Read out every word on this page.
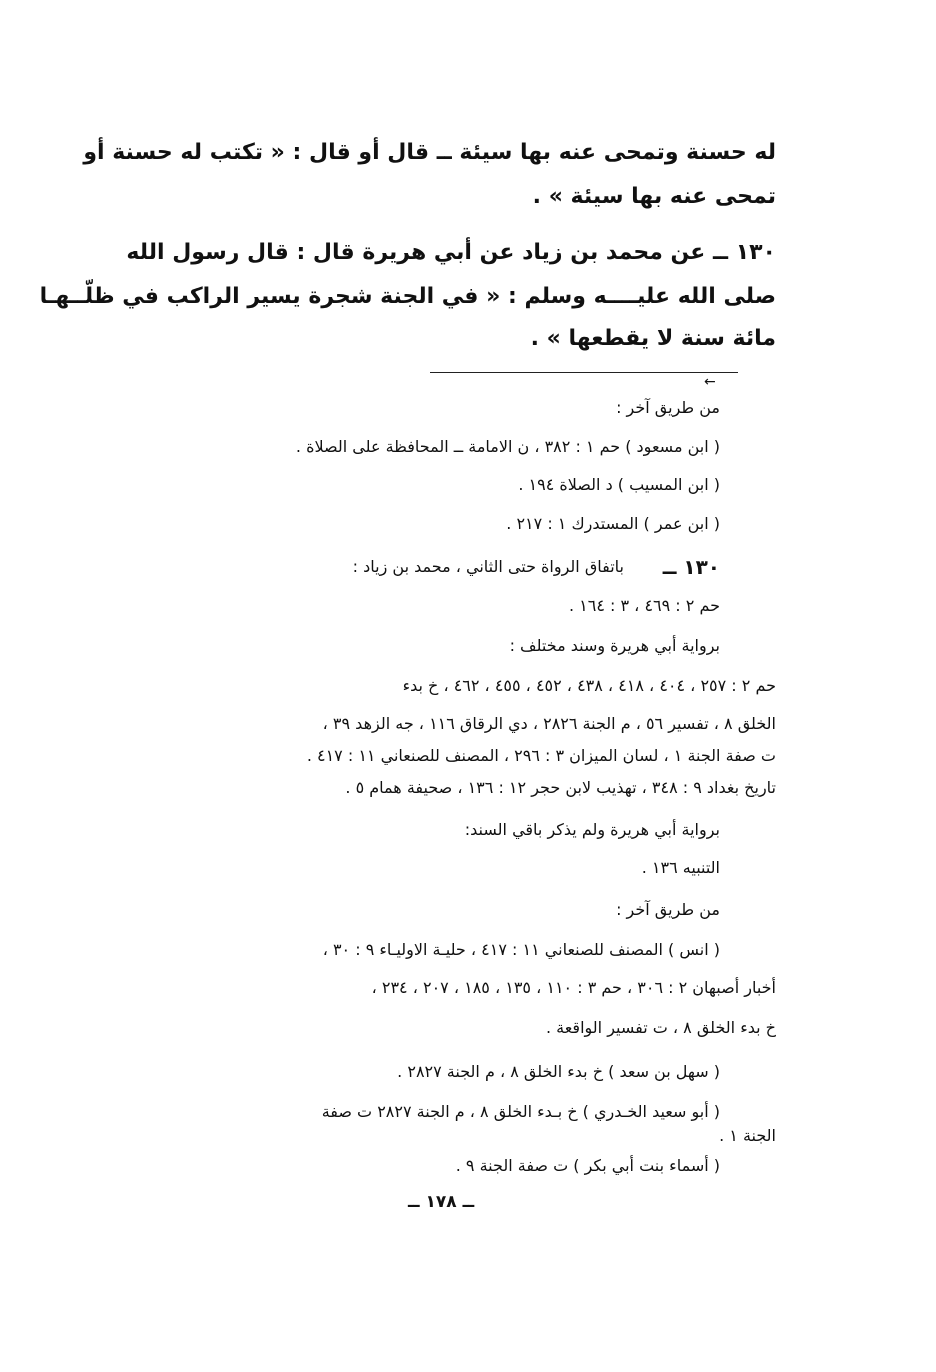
له حسنة وتمحى عنه بها سيئة ــ قال أو قال : « تكتب له حسنة أو

تمحى عنه بها سيئة » .

١٣٠ ــ عن محمد بن زياد عن أبي هريرة قال : قال رسول الله

صلى الله عليــــه وسلم : « في الجنة شجرة يسير الراكب في ظلّــهـا

مائة سنة لا يقطعها » .

←

من طريق آخر :

( ابن مسعود ) حم ١ : ٣٨٢ ، ن الامامة ــ المحافظة على الصلاة .

( ابن المسيب ) د الصلاة ١٩٤ .

( ابن عمر ) المستدرك ١ : ٢١٧ .

١٣٠ ــ

باتفاق الرواة حتى الثاني ، محمد بن زياد :

حم ٢ : ٤٦٩ ، ٣ : ١٦٤ .

برواية أبي هريرة وسند مختلف :

حم ٢ : ٢٥٧ ، ٤٠٤ ، ٤١٨ ، ٤٣٨ ، ٤٥٢ ، ٤٥٥ ، ٤٦٢ ، خ بدء

الخلق ٨ ، تفسير ٥٦ ، م الجنة ٢٨٢٦ ، دي الرقاق ١١٦ ، جه الزهد ٣٩ ،

ت صفة الجنة ١ ، لسان الميزان ٣ : ٢٩٦ ، المصنف للصنعاني ١١ : ٤١٧ .

تاريخ بغداد ٩ : ٣٤٨ ، تهذيب لابن حجر ١٢ : ١٣٦ ، صحيفة همام ٥ .

برواية أبي هريرة ولم يذكر باقي السند:

التنبيه ١٣٦ .

من طريق آخر :

( انس ) المصنف للصنعاني ١١ : ٤١٧ ، حليـة الاوليـاء ٩ : ٣٠ ،

أخبار أصبهان ٢ : ٣٠٦ ، حم ٣ : ١١٠ ، ١٣٥ ، ١٨٥ ، ٢٠٧ ، ٢٣٤ ،

خ بدء الخلق ٨ ، ت تفسير الواقعة .

( سهل بن سعد ) خ بدء الخلق ٨ ، م الجنة ٢٨٢٧ .

( أبو سعيد الخـدري ) خ بـدء الخلق ٨ ، م الجنة ٢٨٢٧ ت صفة

الجنة ١ .

( أسماء بنت أبي بكر ) ت صفة الجنة ٩ .

ــ ١٧٨ ــ
